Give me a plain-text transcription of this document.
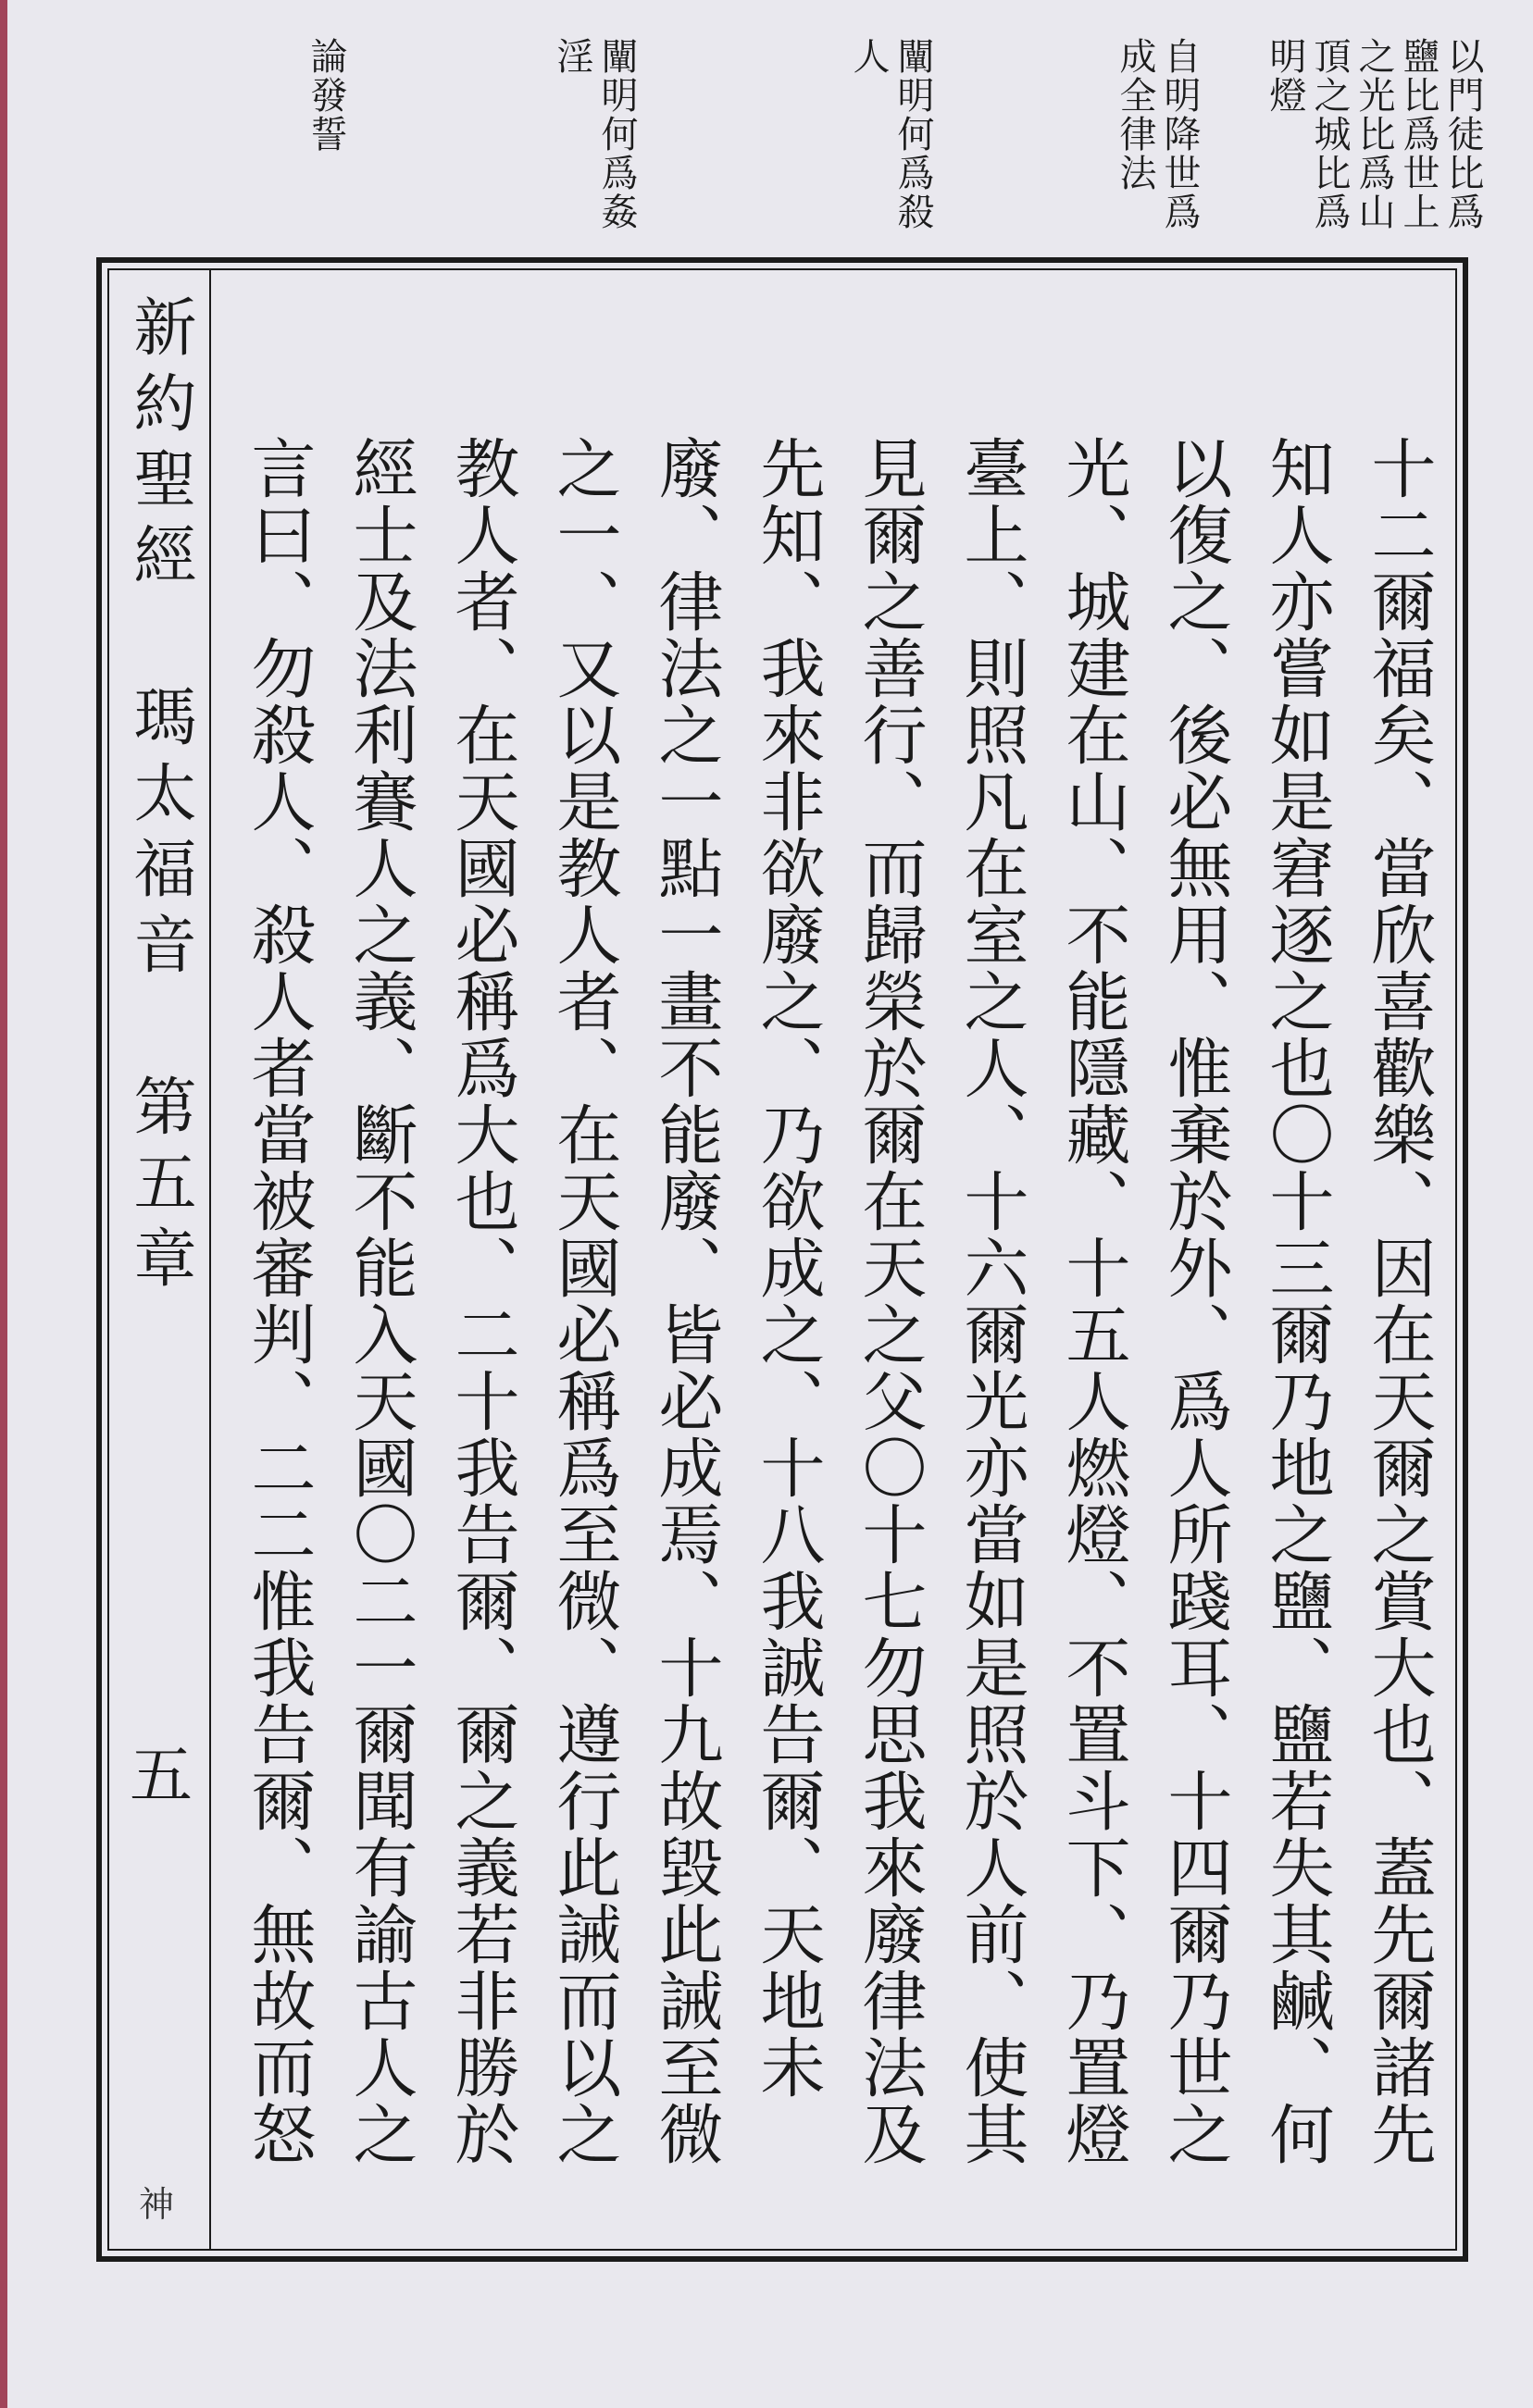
以門徒比爲鹽比爲世上之光比爲山頂之城比爲明燈
自明降世爲成全律法
闡明何爲殺人
闡明何爲姦淫
論發誓
新約聖經 瑪太福音 第五章
五
神
十二爾福矣、當欣喜歡樂、因在天爾之賞大也、蓋先爾諸先知人亦嘗如是窘逐之也〇十三爾乃地之鹽、鹽若失其鹹、何以復之、後必無用、惟棄於外、爲人所踐耳、十四爾乃世之光、城建在山、不能隱藏、十五人燃燈、不置斗下、乃置燈臺上、則照凡在室之人、十六爾光亦當如是照於人前、使其見爾之善行、而歸榮於爾在天之父〇十七勿思我來廢律法及先知、我來非欲廢之、乃欲成之、十八我誠告爾、天地未廢、律法之一點一畫不能廢、皆必成焉、十九故毀此誡至微之一、又以是教人者、在天國必稱爲至微、遵行此誡而以之教人者、在天國必稱爲大也、二十我告爾、爾之義若非勝於經士及法利賽人之義、斷不能入天國〇二一爾聞有諭古人之言曰、勿殺人、殺人者當被審判、二二惟我告爾、無故而怒
